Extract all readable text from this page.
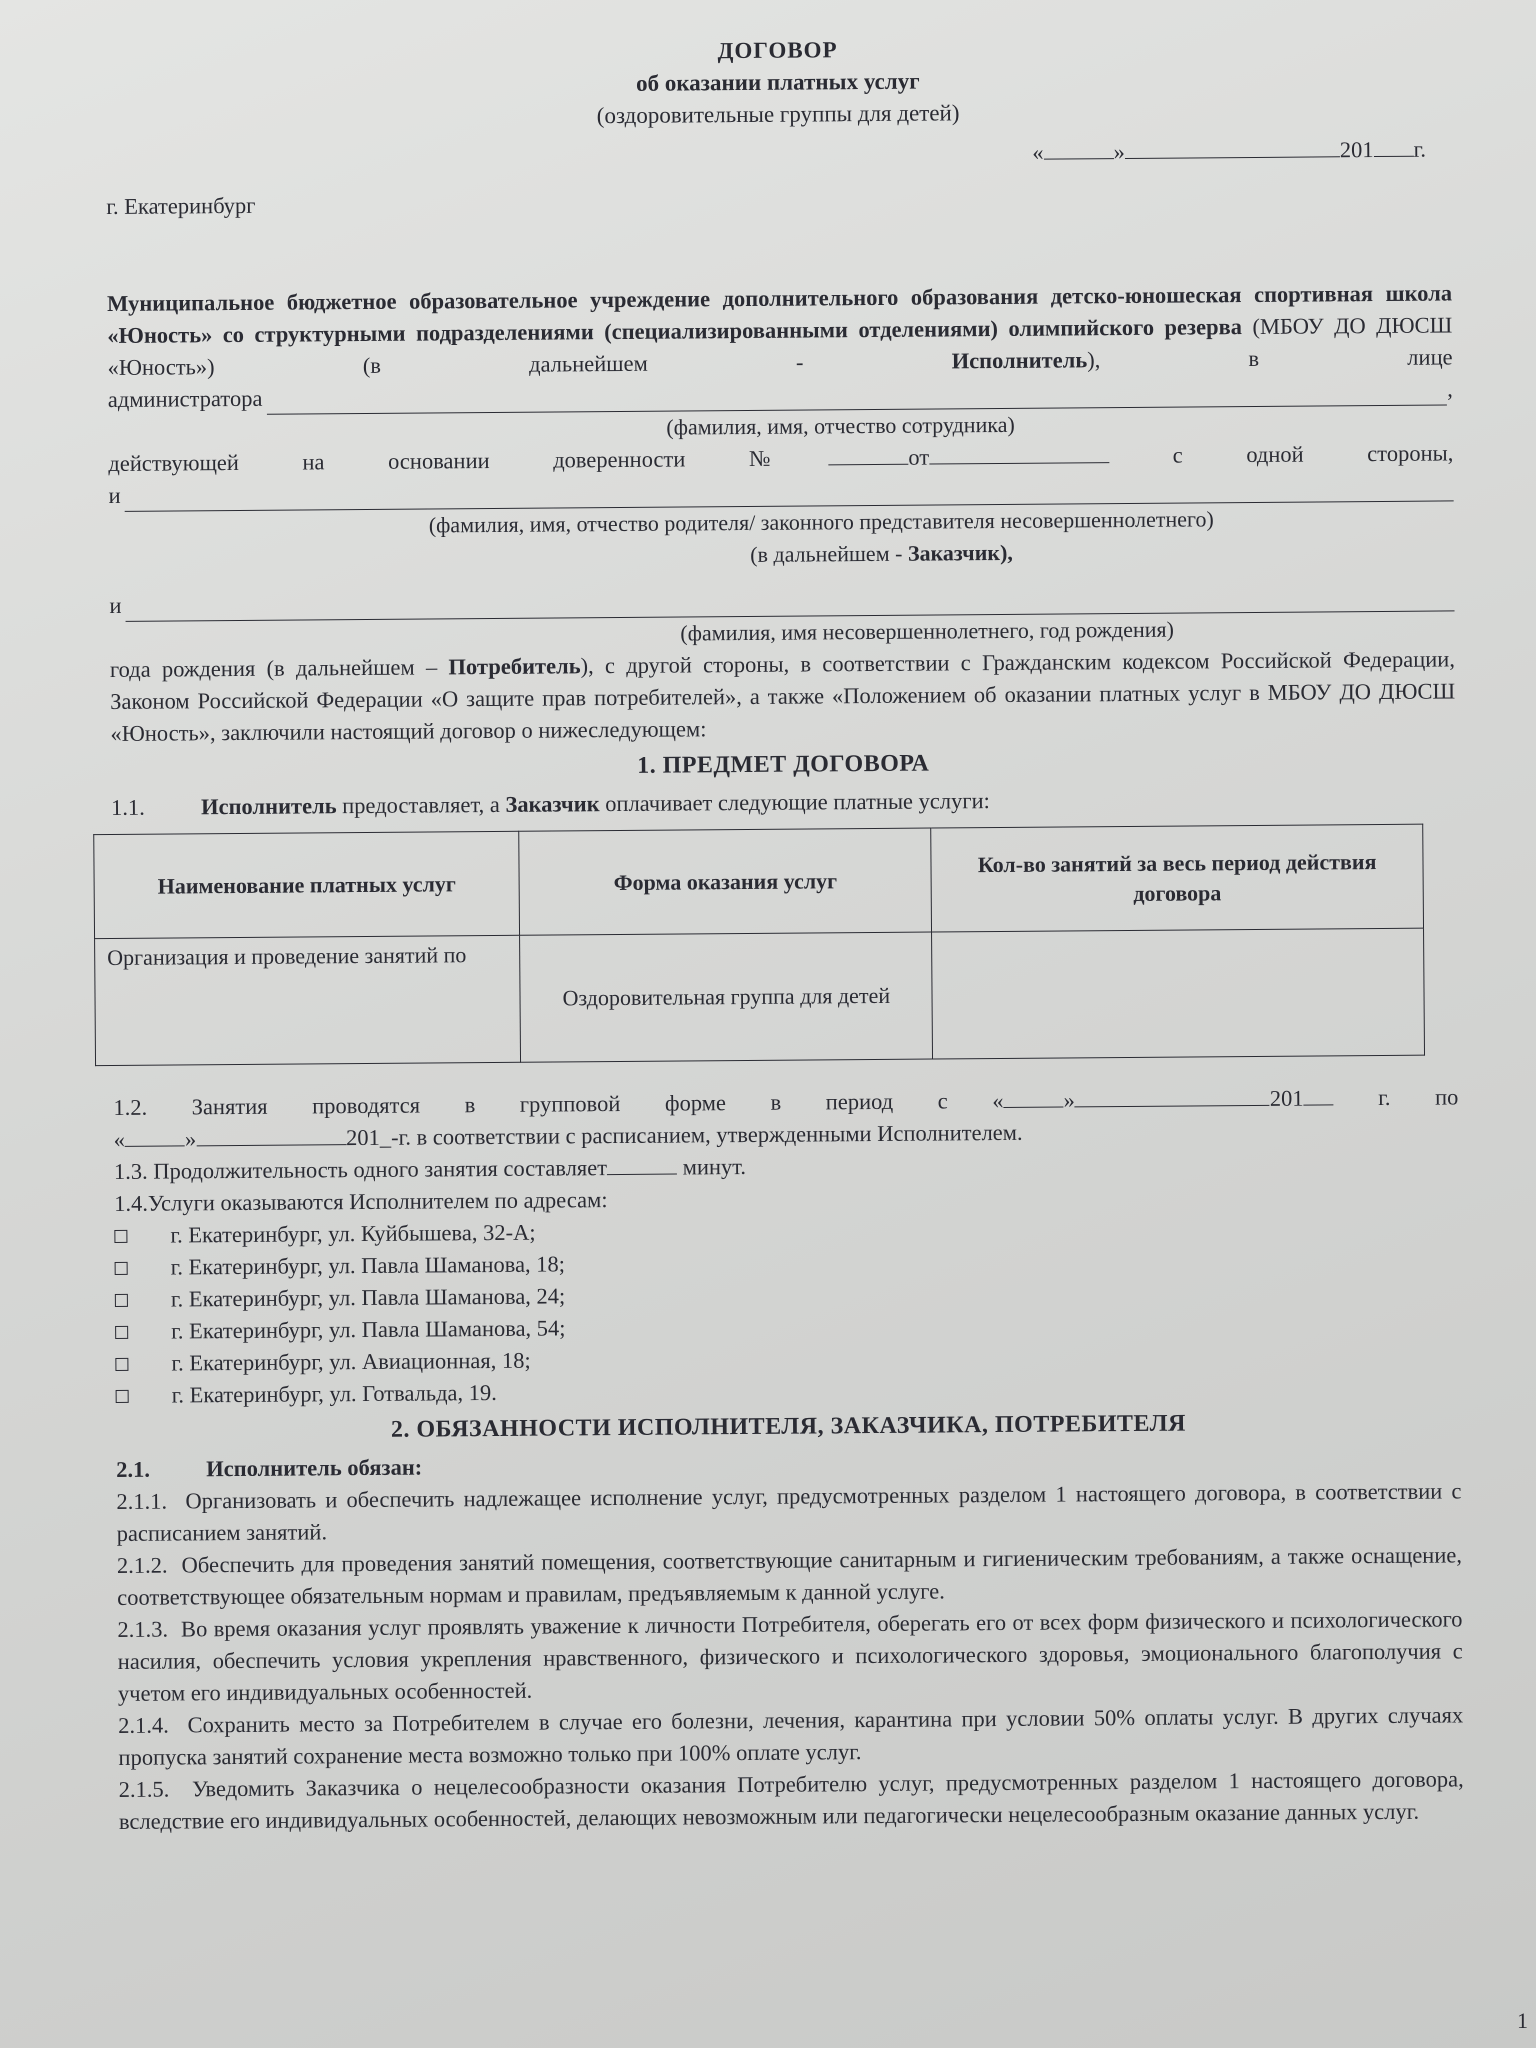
ДОГОВОР
об оказании платных услуг
(оздоровительные группы для детей)
г. Екатеринбург
«	»	201 г.
Муниципальное бюджетное образовательное учреждение дополнительного образования детско-юношеская спортивная школа «Юность» со структурными подразделениями (специализированными отделениями) олимпийского резерва (МБОУ ДО ДЮСШ «Юность») (в дальнейшем -	Исполнитель), в лице
администратора	,
(фамилия, имя, отчество сотрудника)
действующей	на	основании	доверенности	№	от	с	одной	стороны,
и
(фамилия, имя, отчество родителя/ законного представителя несовершеннолетнего)
(в дальнейшем - Заказчик),
и
(фамилия, имя несовершеннолетнего, год рождения)
года рождения (в дальнейшем – Потребитель), с другой стороны, в соответствии с Гражданским кодексом Российской Федерации, Законом Российской Федерации «О защите прав потребителей», а также «Положением об оказании платных услуг в МБОУ ДО ДЮСШ «Юность», заключили настоящий договор о нижеследующем:
1. ПРЕДМЕТ ДОГОВОРА
1.1. Исполнитель предоставляет, а Заказчик оплачивает следующие платные услуги:
Наименование платных услуг	Форма оказания услуг	Кол-во занятий за весь период действия договора
Организация и проведение занятий по	Оздоровительная группа для детей	
1.2. Занятия проводятся в групповой форме в период с «	»	201	г. по
«	»	201_-г. в соответствии с расписанием, утвержденными Исполнителем.
1.3. Продолжительность одного занятия составляет	минут.
1.4.Услуги оказываются Исполнителем по адресам:
г. Екатеринбург, ул. Куйбышева, 32-А;
г. Екатеринбург, ул. Павла Шаманова, 18;
г. Екатеринбург, ул. Павла Шаманова, 24;
г. Екатеринбург, ул. Павла Шаманова, 54;
г. Екатеринбург, ул. Авиационная, 18;
г. Екатеринбург, ул. Готвальда, 19.
2. ОБЯЗАННОСТИ ИСПОЛНИТЕЛЯ, ЗАКАЗЧИКА, ПОТРЕБИТЕЛЯ
2.1. Исполнитель обязан:
2.1.1. Организовать и обеспечить надлежащее исполнение услуг, предусмотренных разделом 1 настоящего договора, в соответствии с расписанием занятий.
2.1.2. Обеспечить для проведения занятий помещения, соответствующие санитарным и гигиеническим требованиям, а также оснащение, соответствующее обязательным нормам и правилам, предъявляемым к данной услуге.
2.1.3. Во время оказания услуг проявлять уважение к личности Потребителя, оберегать его от всех форм физического и психологического насилия, обеспечить условия укрепления нравственного, физического и психологического здоровья, эмоционального благополучия с учетом его индивидуальных особенностей.
2.1.4. Сохранить место за Потребителем в случае его болезни, лечения, карантина при условии 50% оплаты услуг. В других случаях пропуска занятий сохранение места возможно только при 100% оплате услуг.
2.1.5. Уведомить Заказчика о нецелесообразности оказания Потребителю услуг, предусмотренных разделом 1 настоящего договора, вследствие его индивидуальных особенностей, делающих невозможным или педагогически нецелесообразным оказание данных услуг.
1
